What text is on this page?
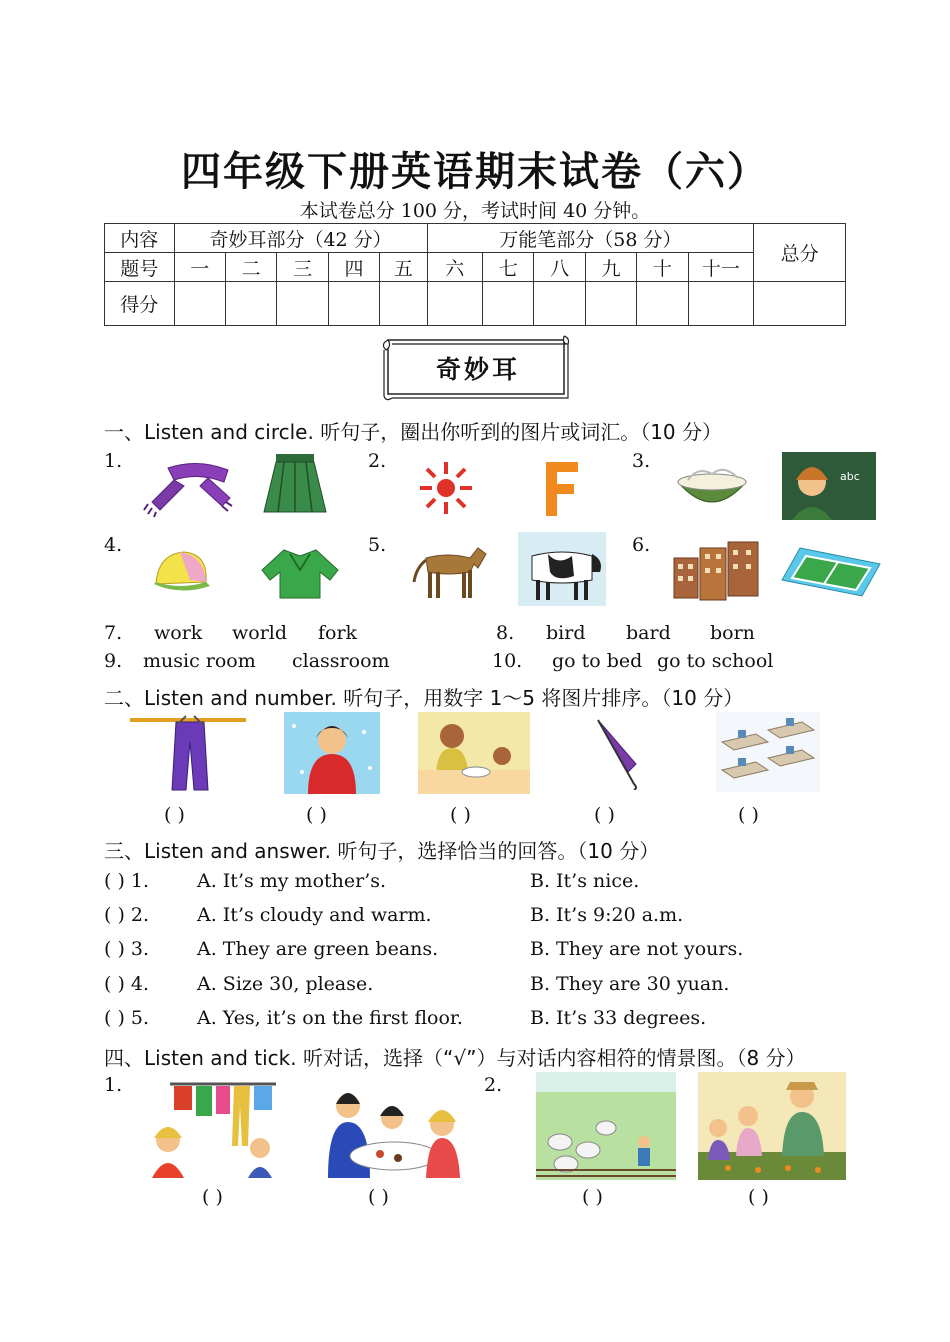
四年级下册英语期末试卷（六）
本试卷总分 100 分，考试时间 40 分钟。
内容	奇妙耳部分（42 分）					万能笔部分（58 分）						总分
题号	一	二	三	四	五	六	七	八	九	十	十一	
得分												
奇妙耳
一、Listen and circle. 听句子，圈出你听到的图片或词汇。（10 分）
1.	2.	3.
4.	5.	6.
abc
7. work world fork	8. bird bard born
9. music room classroom	10. go to bed go to school
二、Listen and number. 听句子，用数字 1～5 将图片排序。（10 分）
( )	( )	( )	( )	( )
三、Listen and answer. 听句子，选择恰当的回答。（10 分）
( ) 1.	A. It’s my mother’s.	B. It’s nice.
( ) 2.	A. It’s cloudy and warm.	B. It’s 9:20 a.m.
( ) 3.	A. They are green beans.	B. They are not yours.
( ) 4.	A. Size 30, please.	B. They are 30 yuan.
( ) 5.	A. Yes, it’s on the first floor.	B. It’s 33 degrees.
四、Listen and tick. 听对话，选择（“√”）与对话内容相符的情景图。（8 分）
1.	2.
( )	( )	( )	( )
